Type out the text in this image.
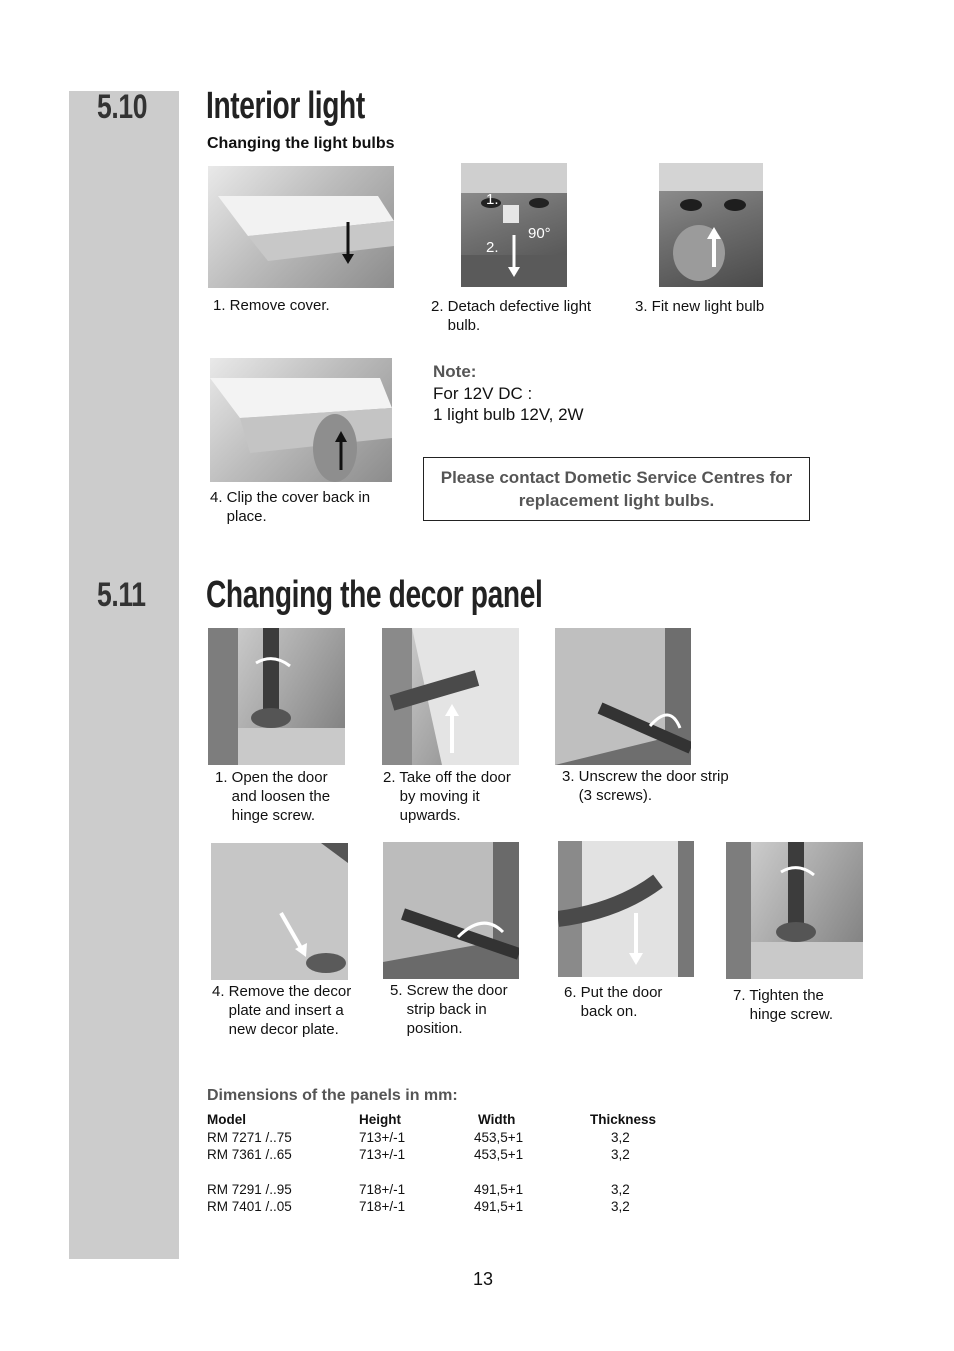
5.10 Interior light
Changing the light bulbs
1. Remove cover.
1.
2.
90°
2. Detach defective light
bulb.
3. Fit new light bulb
4. Clip the cover back in
place.
Note:
For 12V DC :
1 light bulb 12V, 2W
Please contact Dometic Service Centres for replacement light bulbs.
5.11 Changing the decor panel
1. Open the door
and loosen the
hinge screw.
2. Take off the door
by moving it
upwards.
3. Unscrew the door strip
(3 screws).
4. Remove the decor
plate and insert a
new decor plate.
5. Screw the door
strip back in
position.
6. Put the door
back on.
7. Tighten the
hinge screw.
Dimensions of the panels in mm:
Model	Height	Width	Thickness
RM 7271 /..75	713+/-1	453,5+1	3,2
RM 7361 /..65	713+/-1	453,5+1	3,2
RM 7291 /..95	718+/-1	491,5+1	3,2
RM 7401 /..05	718+/-1	491,5+1	3,2
13
